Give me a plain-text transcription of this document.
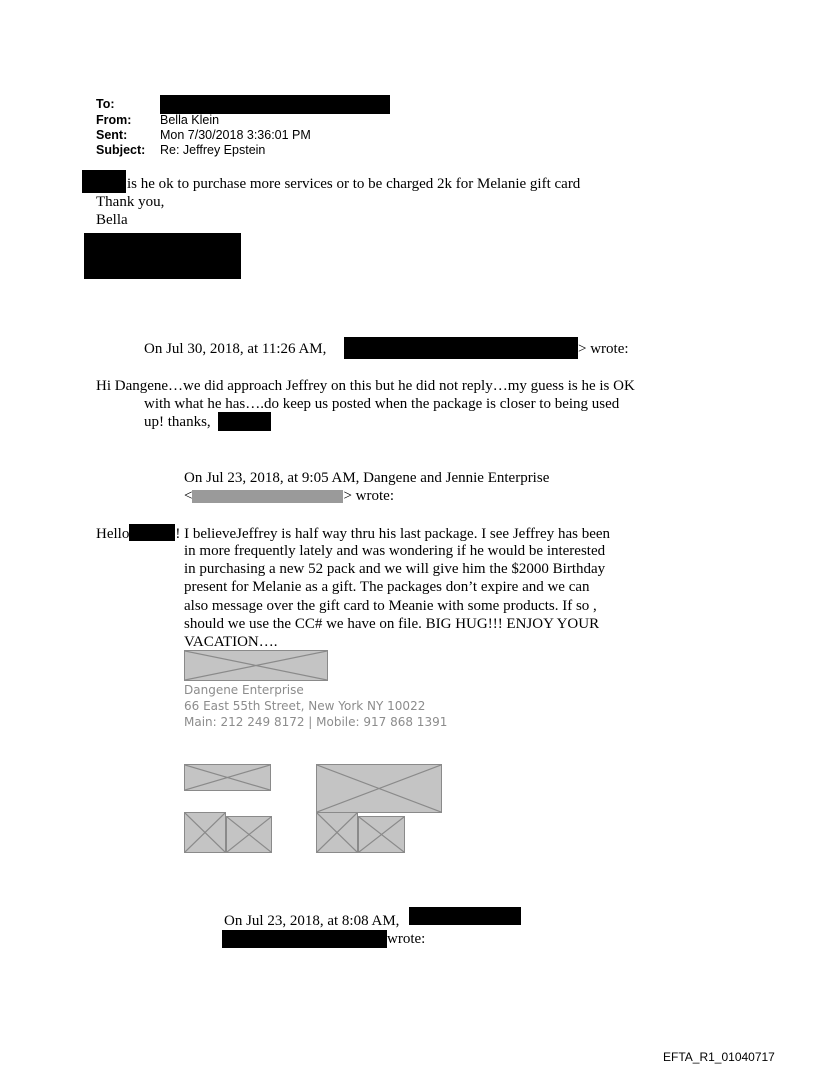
To:
From: Bella Klein
Sent:	Mon 7/30/2018 3:36:01 PM
Subject: Re: Jeffrey Epstein
is he ok to purchase more services or to be charged 2k for Melanie gift card
Thank you,
Bella
On Jul 30, 2018, at 11:26 AM,	> wrote:
Hi Dangene…we did approach Jeffrey on this but he did not reply…my guess is he is OK
with what he has….do keep us posted when the package is closer to being used
up! thanks,
On Jul 23, 2018, at 9:05 AM, Dangene and Jennie Enterprise
<	> wrote:
Hello	! I believeJeffrey is half way thru his last package. I see Jeffrey has been
in more frequently lately and was wondering if he would be interested
in purchasing a new 52 pack and we will give him the $2000 Birthday
present for Melanie as a gift. The packages don’t expire and we can
also message over the gift card to Meanie with some products. If so ,
should we use the CC# we have on file. BIG HUG!!! ENJOY YOUR
VACATION….
Dangene Enterprise
66 East 55th Street, New York NY 10022
Main: 212 249 8172 | Mobile: 917 868 1391
On Jul 23, 2018, at 8:08 AM,
wrote:
EFTA_R1_01040717
